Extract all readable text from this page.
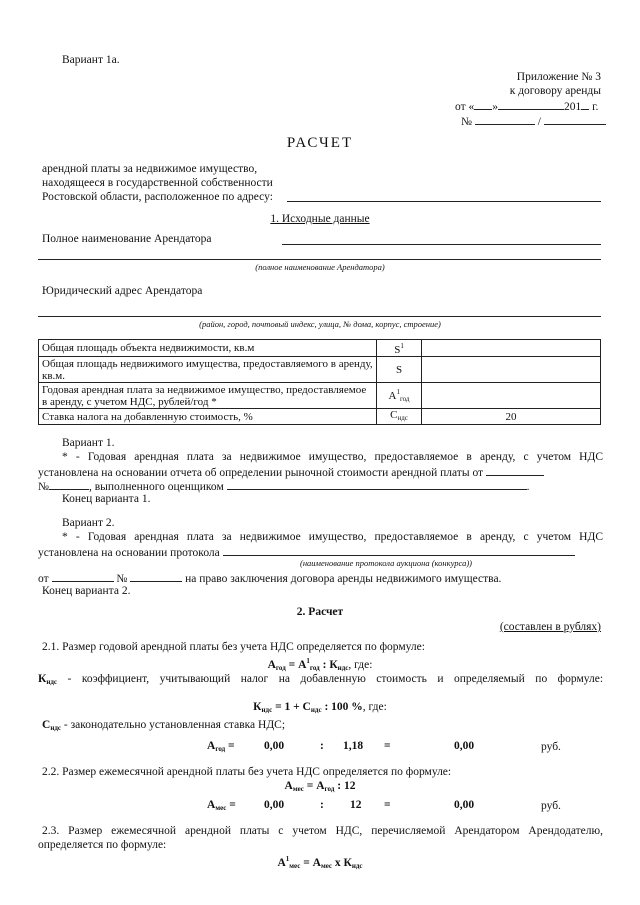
Вариант 1а.
Приложение № 3
к договору аренды
от « »	201 г.
№	/
РАСЧЕТ
арендной платы за недвижимое имущество,
находящееся в государственной собственности
Ростовской области, расположенное по адресу:
1. Исходные данные
Полное наименование Арендатора
(полное наименование Арендатора)
Юридический адрес Арендатора
(район, город, почтовый индекс, улица, № дома, корпус, строение)
Общая площадь объекта недвижимости, кв.м	$S^1$	
Общая площадь недвижимого имущества, предоставляемого в аренду, кв.м.	S	
Годовая арендная плата за недвижимое имущество, предоставляемое в аренду, с учетом НДС, рублей/год *	$А^1_{год}$	
Ставка налога на добавленную стоимость, %	$С_{ндс}$	20
Вариант 1.
* - Годовая арендная плата за недвижимое имущество, предоставляемое в аренду, с учетом НДС
установлена на основании отчета об определении рыночной стоимости арендной платы от
№	, выполненного оценщиком	.
Конец варианта 1.
Вариант 2.
* - Годовая арендная плата за недвижимое имущество, предоставляемое в аренду, с учетом НДС
установлена на основании протокола
(наименование протокола аукциона (конкурса))
от	№	на право заключения договора аренды недвижимого имущества.
Конец варианта 2.
2. Расчет
(составлен в рублях)
2.1. Размер годовой арендной платы без учета НДС определяется по формуле:
$А_{год} = А^1_{год}$ : $К_{ндс}$, где:
$К_{ндс}$ - коэффициент, учитывающий налог на добавленную стоимость и определяемый по формуле:
$К_{ндс} = 1 + С_{ндс}$ : 100 %, где:
$С_{ндс}$ - законодательно установленная ставка НДС;
$А_{год}$ =	0,00	: 1,18 =	0,00	руб.
2.2. Размер ежемесячной арендной платы без учета НДС определяется по формуле:
$А_{мес} = А_{год}$ : 12
$А_{мес} = 0,00$	: 12 =	0,00	руб.
2.3. Размер ежемесячной арендной платы с учетом НДС, перечисляемой Арендатором Арендодателю,
определяется по формуле:
$А^1_{мес} = А_{мес}$ х $К_{ндс}$
